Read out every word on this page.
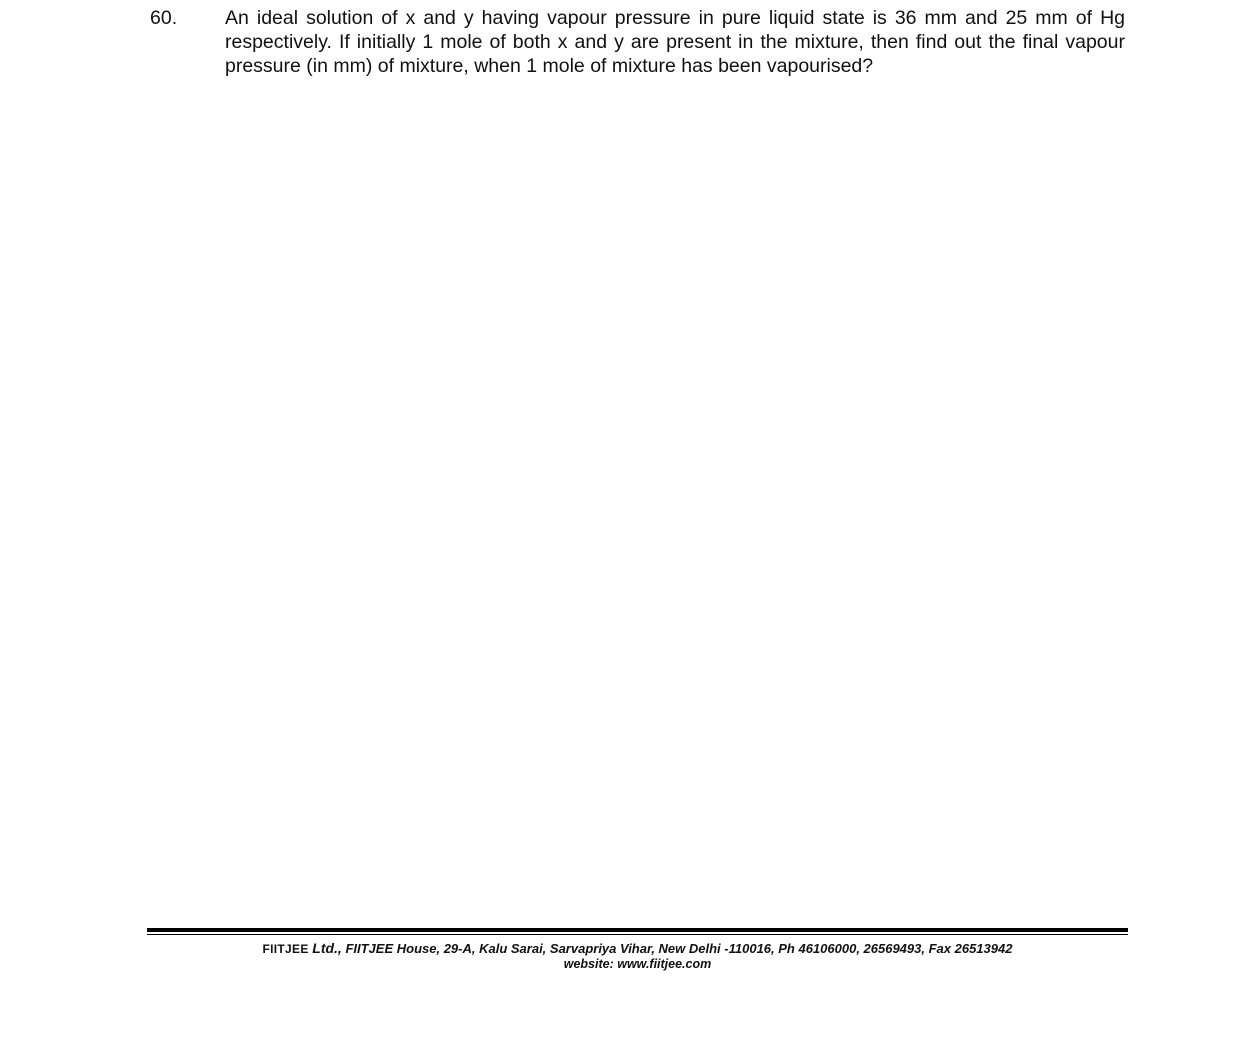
60. An ideal solution of x and y having vapour pressure in pure liquid state is 36 mm and 25 mm of Hg respectively. If initially 1 mole of both x and y are present in the mixture, then find out the final vapour pressure (in mm) of mixture, when 1 mole of mixture has been vapourised?
FIITJEE Ltd., FIITJEE House, 29-A, Kalu Sarai, Sarvapriya Vihar, New Delhi -110016, Ph 46106000, 26569493, Fax 26513942
website: www.fiitjee.com
